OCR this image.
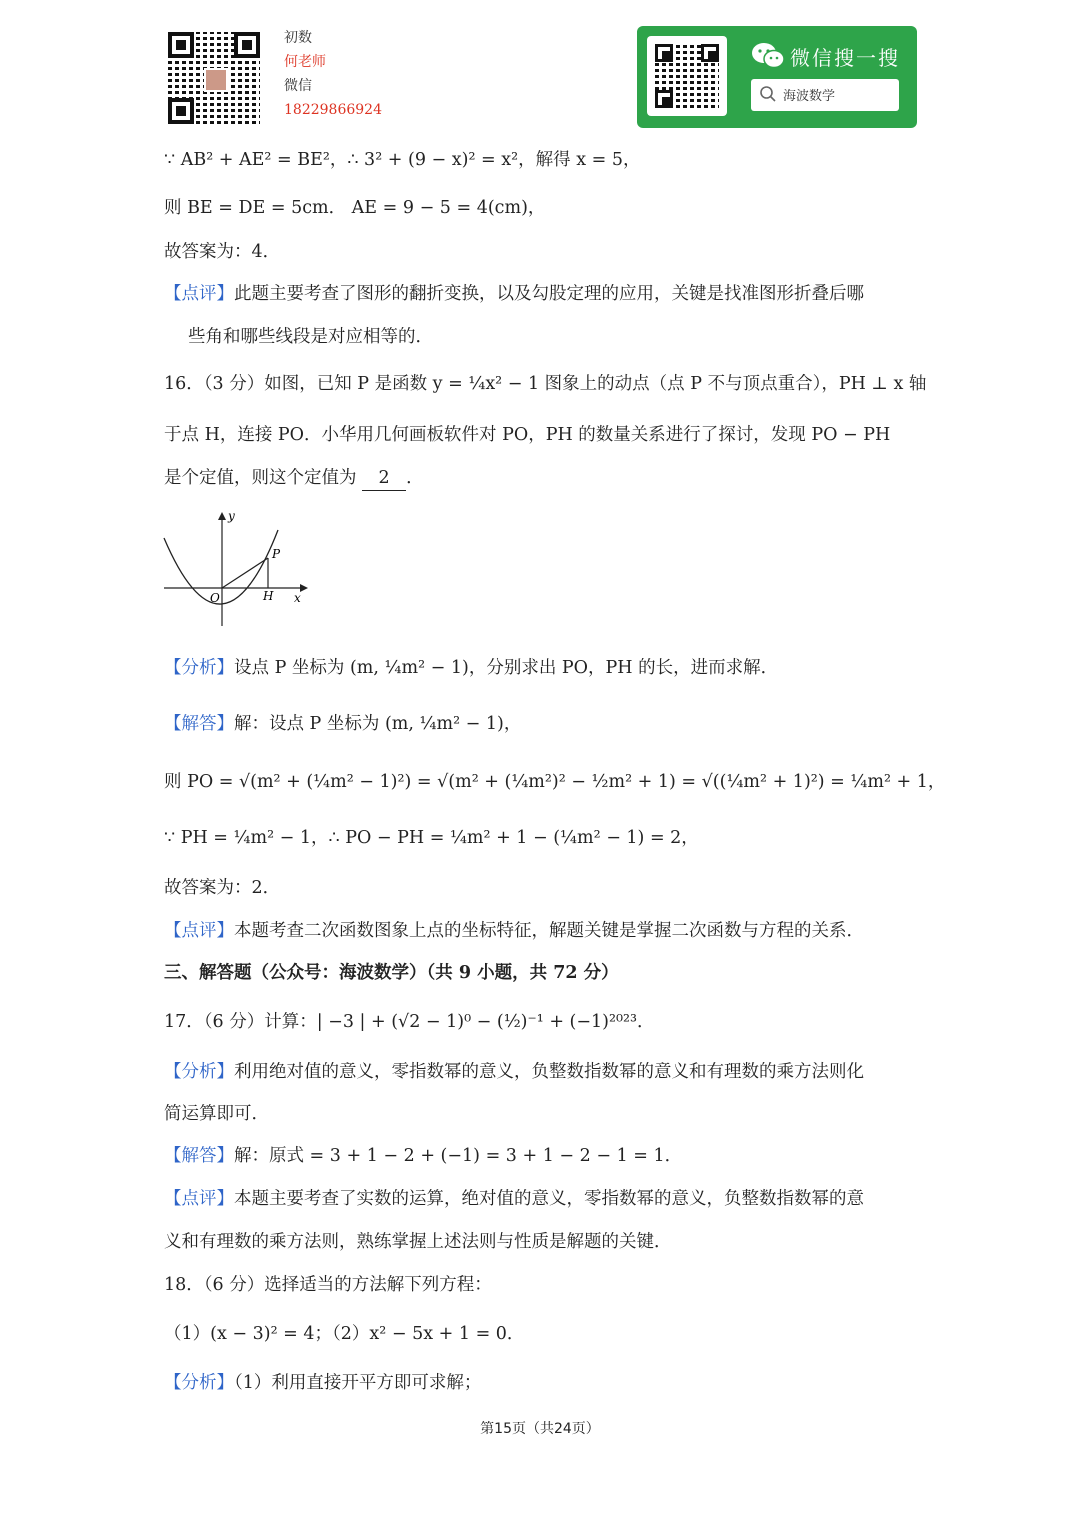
初数
何老师
微信
18229866924
微信搜一搜
海波数学
∵ AB² + AE² = BE²，∴ 3² + (9 − x)² = x²，解得 x = 5，
则 BE = DE = 5cm． AE = 9 − 5 = 4(cm)，
故答案为：4．
【点评】此题主要考查了图形的翻折变换，以及勾股定理的应用，关键是找准图形折叠后哪
些角和哪些线段是对应相等的．
16．（3 分）如图，已知 P 是函数 y = ¼x² − 1 图象上的动点（点 P 不与顶点重合），PH ⊥ x 轴
于点 H，连接 PO．小华用几何画板软件对 PO，PH 的数量关系进行了探讨，发现 PO − PH
是个定值，则这个定值为 2 ．
y
x
O	H
P
【分析】设点 P 坐标为 (m, ¼m² − 1)，分别求出 PO，PH 的长，进而求解．
【解答】解：设点 P 坐标为 (m, ¼m² − 1)，
则 PO = √(m² + (¼m² − 1)²) = √(m² + (¼m²)² − ½m² + 1) = √((¼m² + 1)²) = ¼m² + 1，
∵ PH = ¼m² − 1，∴ PO − PH = ¼m² + 1 − (¼m² − 1) = 2，
故答案为：2．
【点评】本题考查二次函数图象上点的坐标特征，解题关键是掌握二次函数与方程的关系．
三、解答题（公众号：海波数学）（共 9 小题，共 72 分）
17．（6 分）计算：| −3 | + (√2 − 1)⁰ − (½)⁻¹ + (−1)²⁰²³．
【分析】利用绝对值的意义，零指数幂的意义，负整数指数幂的意义和有理数的乘方法则化
简运算即可．
【解答】解：原式 = 3 + 1 − 2 + (−1) = 3 + 1 − 2 − 1 = 1．
【点评】本题主要考查了实数的运算，绝对值的意义，零指数幂的意义，负整数指数幂的意
义和有理数的乘方法则，熟练掌握上述法则与性质是解题的关键．
18．（6 分）选择适当的方法解下列方程：
（1）(x − 3)² = 4；（2）x² − 5x + 1 = 0．
【分析】（1）利用直接开平方即可求解；
第15页（共24页）
